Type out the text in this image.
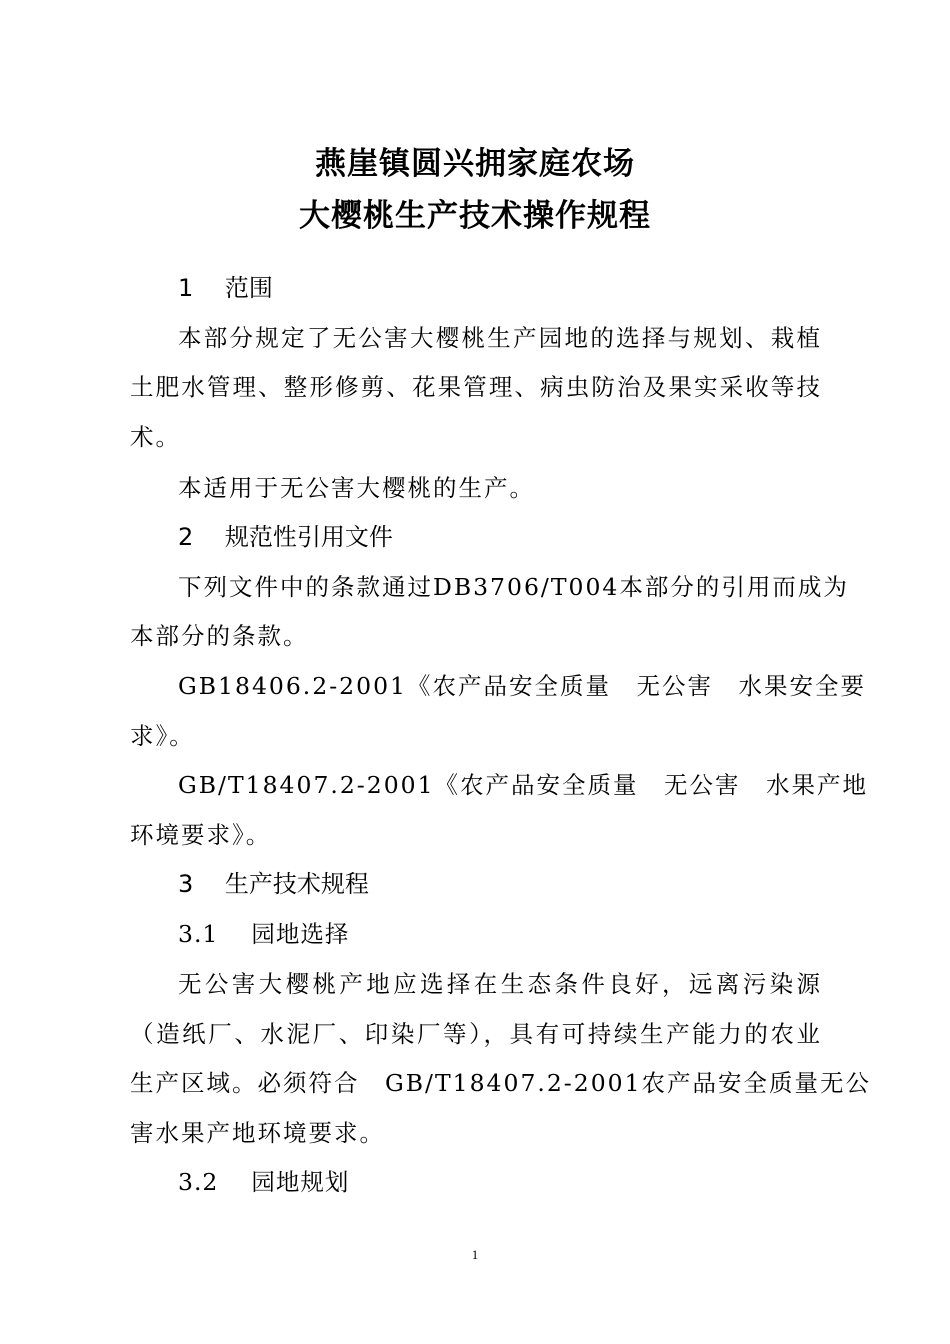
燕崖镇圆兴拥家庭农场
大樱桃生产技术操作规程
1　 范围
本部分规定了无公害大樱桃生产园地的选择与规划、栽植
土肥水管理、整形修剪、花果管理、病虫防治及果实采收等技
术。
本适用于无公害大樱桃的生产。
2　 规范性引用文件
下列文件中的条款通过DB3706/T004本部分的引用而成为
本部分的条款。
GB18406.2-2001《农产品安全质量　无公害　水果安全要
求》。
GB/T18407.2-2001《农产品安全质量　无公害　水果产地
环境要求》。
3　 生产技术规程
3.1　 园地选择
无公害大樱桃产地应选择在生态条件良好，远离污染源
（造纸厂、水泥厂、印染厂等），具有可持续生产能力的农业
生产区域。必须符合　GB/T18407.2-2001农产品安全质量无公
害水果产地环境要求。
3.2　 园地规划
1
